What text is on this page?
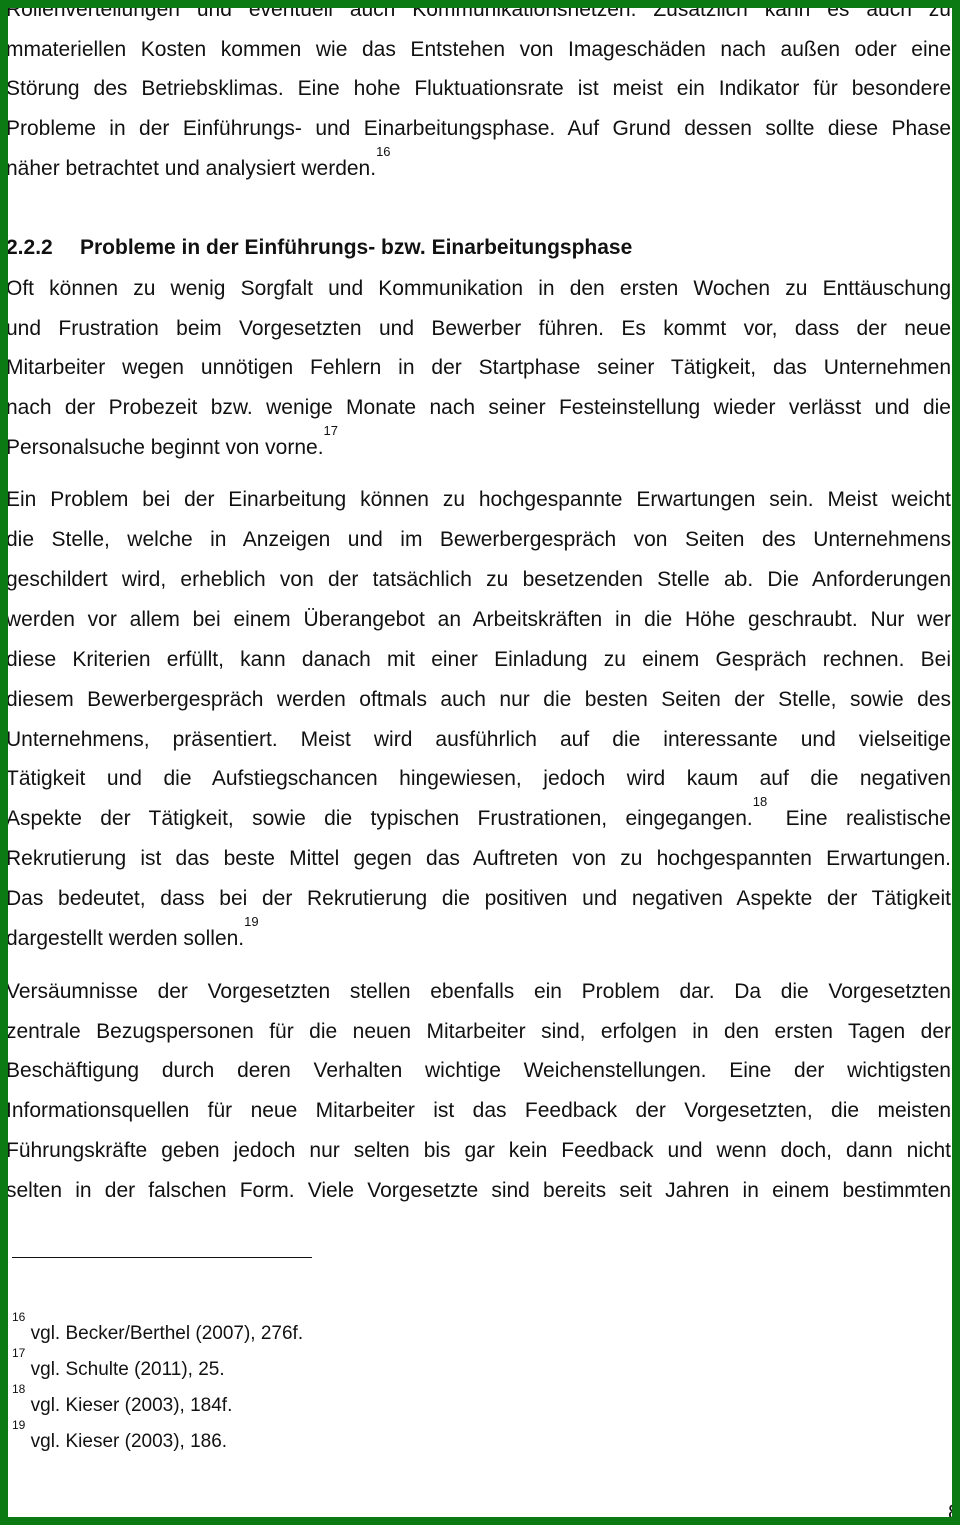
Rollenverteilungen und eventuell auch Kommunikationsnetzen. Zusätzlich kann es auch zu
mmateriellen Kosten kommen wie das Entstehen von Imageschäden nach außen oder eine
Störung des Betriebsklimas. Eine hohe Fluktuationsrate ist meist ein Indikator für besondere
Probleme in der Einführungs- und Einarbeitungsphase. Auf Grund dessen sollte diese Phase
näher betrachtet und analysiert werden.$^{16}$
2.2.2 Probleme in der Einführungs- bzw. Einarbeitungsphase
Oft können zu wenig Sorgfalt und Kommunikation in den ersten Wochen zu Enttäuschung
und Frustration beim Vorgesetzten und Bewerber führen. Es kommt vor, dass der neue
Mitarbeiter wegen unnötigen Fehlern in der Startphase seiner Tätigkeit, das Unternehmen
nach der Probezeit bzw. wenige Monate nach seiner Festeinstellung wieder verlässt und die
Personalsuche beginnt von vorne.$^{17}$
Ein Problem bei der Einarbeitung können zu hochgespannte Erwartungen sein. Meist weicht
die Stelle, welche in Anzeigen und im Bewerbergespräch von Seiten des Unternehmens
geschildert wird, erheblich von der tatsächlich zu besetzenden Stelle ab. Die Anforderungen
werden vor allem bei einem Überangebot an Arbeitskräften in die Höhe geschraubt. Nur wer
diese Kriterien erfüllt, kann danach mit einer Einladung zu einem Gespräch rechnen. Bei
diesem Bewerbergespräch werden oftmals auch nur die besten Seiten der Stelle, sowie des
Unternehmens, präsentiert. Meist wird ausführlich auf die interessante und vielseitige
Tätigkeit und die Aufstiegschancen hingewiesen, jedoch wird kaum auf die negativen
Aspekte der Tätigkeit, sowie die typischen Frustrationen, eingegangen.$^{18}$ Eine realistische
Rekrutierung ist das beste Mittel gegen das Auftreten von zu hochgespannten Erwartungen.
Das bedeutet, dass bei der Rekrutierung die positiven und negativen Aspekte der Tätigkeit
dargestellt werden sollen.$^{19}$
Versäumnisse der Vorgesetzten stellen ebenfalls ein Problem dar. Da die Vorgesetzten
zentrale Bezugspersonen für die neuen Mitarbeiter sind, erfolgen in den ersten Tagen der
Beschäftigung durch deren Verhalten wichtige Weichenstellungen. Eine der wichtigsten
Informationsquellen für neue Mitarbeiter ist das Feedback der Vorgesetzten, die meisten
Führungskräfte geben jedoch nur selten bis gar kein Feedback und wenn doch, dann nicht
selten in der falschen Form. Viele Vorgesetzte sind bereits seit Jahren in einem bestimmten
$^{16}$ vgl. Becker/Berthel (2007), 276f.
$^{17}$ vgl. Schulte (2011), 25.
$^{18}$ vgl. Kieser (2003), 184f.
$^{19}$ vgl. Kieser (2003), 186.
8
